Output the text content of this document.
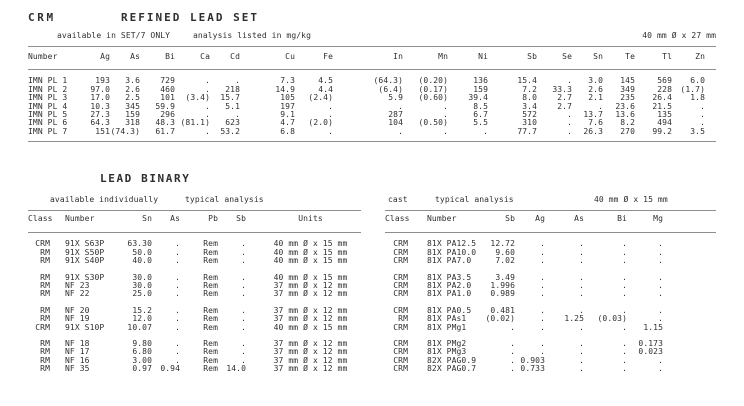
CRM	REFINED LEAD SET
available in SET/7 ONLY	analysis listed in mg/kg	40 mm Ø x 27 mm
Number	Ag	As	Bi	Ca	Cd	Cu	Fe	In	Mn	Ni	Sb	Se	Sn	Te	Tl	Zn
IMN PL 1	193	3.6	729	.	.	7.3	4.5	(64.3)	(0.20)	136	15.4	.	3.0	145	569	6.0
IMN PL 2	97.0	2.6	460	.	218	14.9	4.4	(6.4)	(0.17)	159	7.2	33.3	2.6	349	228	(1.7)
IMN PL 3	17.0	2.5	101	(3.4)	15.7	105	(2.4)	5.9	(0.60)	39.4	8.0	2.7	2.1	235	26.4	1.8
IMN PL 4	10.3	345	59.9	.	5.1	197	.	.	.	8.5	3.4	2.7	.	23.6	21.5	.
IMN PL 5	27.3	159	296	.	.	9.1	.	287	.	6.7	572	.	13.7	13.6	135	.
IMN PL 6	64.3	318	48.3	(81.1)	623	4.7	(2.0)	104	(0.50)	5.5	310	.	7.6	8.2	494	.
IMN PL 7	151	(74.3)	61.7	.	53.2	6.8	.	.	.	.	77.7	.	26.3	270	99.2	3.5
LEAD BINARY
available individually	typical analysis
Class	Number	Sn	As	Pb	Sb	Units
CRM	91X S63P	63.30	.	Rem	.	40 mm Ø x 15 mm
RM	91X S50P	50.0	.	Rem	.	40 mm Ø x 15 mm
RM	91X S40P	40.0	.	Rem	.	40 mm Ø x 15 mm

RM	91X S30P	30.0	.	Rem	.	40 mm Ø x 15 mm
RM	NF 23	30.0	.	Rem	.	37 mm Ø x 12 mm
RM	NF 22	25.0	.	Rem	.	37 mm Ø x 12 mm

RM	NF 20	15.2	.	Rem	.	37 mm Ø x 12 mm
RM	NF 19	12.0	.	Rem	.	37 mm Ø x 12 mm
CRM	91X S10P	10.07	.	Rem	.	40 mm Ø x 15 mm

RM	NF 18	9.80	.	Rem	.	37 mm Ø x 12 mm
RM	NF 17	6.80	.	Rem	.	37 mm Ø x 12 mm
RM	NF 16	3.00	.	Rem	.	37 mm Ø x 12 mm
RM	NF 35	0.97	0.94	Rem	14.0	37 mm Ø x 12 mm
cast	typical analysis	40 mm Ø x 15 mm
Class	Number	Sb	Ag	As	Bi	Mg
CRM	81X PA12.5	12.72	.	.	.	.
CRM	81X PA10.0	9.60	.	.	.	.
CRM	81X PA7.0	7.02	.	.	.	.

CRM	81X PA3.5	3.49	.	.	.	.
CRM	81X PA2.0	1.996	.	.	.	.
CRM	81X PA1.0	0.989	.	.	.	.

CRM	81X PA0.5	0.481	.	.	.	.
RM	81X PAs1	(0.02)	.	1.25	(0.03)	.
CRM	81X PMg1	.	.	.	.	1.15

CRM	81X PMg2	.	.	.	.	0.173
CRM	81X PMg3	.	.	.	.	0.023
CRM	82X PAG0.9	.	0.903	.	.	.
CRM	82X PAG0.7	.	0.733	.	.	.
